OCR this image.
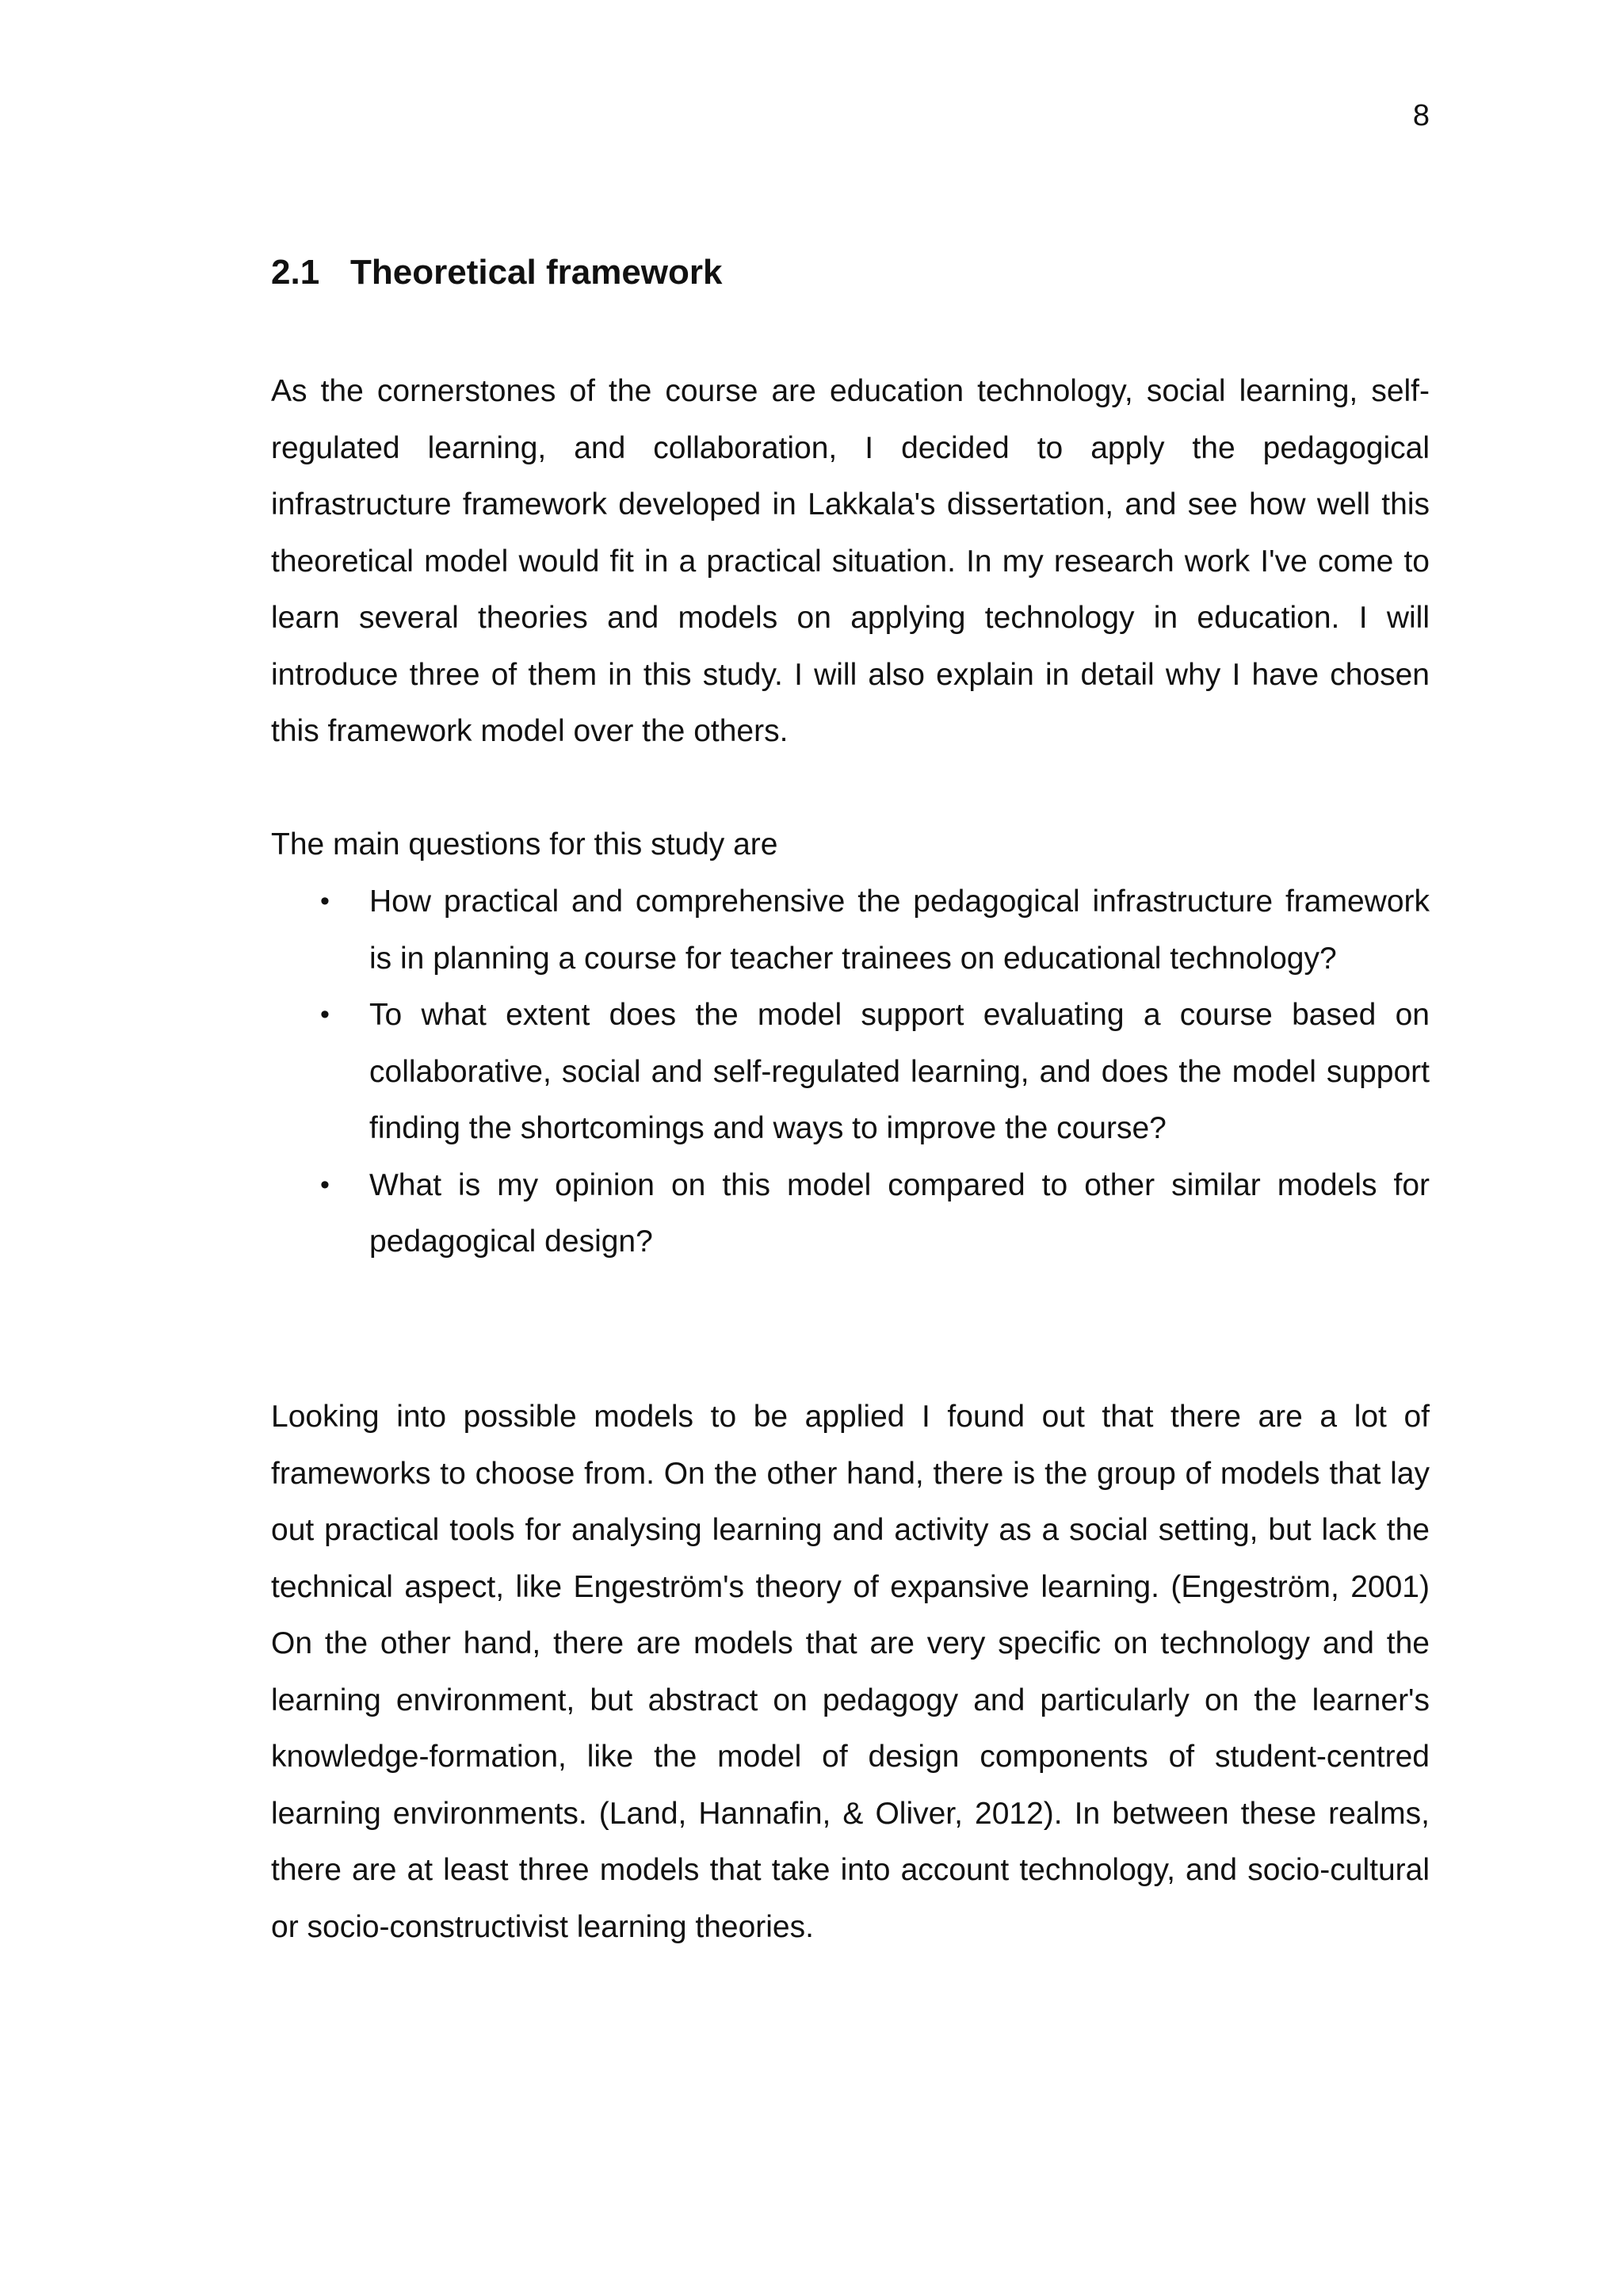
8
2.1 Theoretical framework

As the cornerstones of the course are education technology, social learning, self-regulated learning, and collaboration, I decided to apply the pedagogical infrastructure framework developed in Lakkala's dissertation, and see how well this theoretical model would fit in a practical situation. In my research work I've come to learn several theories and models on applying technology in education. I will introduce three of them in this study. I will also explain in detail why I have chosen this framework model over the others.

The main questions for this study are

• How practical and comprehensive the pedagogical infrastructure framework is in planning a course for teacher trainees on educational technology?
• To what extent does the model support evaluating a course based on collaborative, social and self-regulated learning, and does the model support finding the shortcomings and ways to improve the course?
• What is my opinion on this model compared to other similar models for pedagogical design?

Looking into possible models to be applied I found out that there are a lot of frameworks to choose from. On the other hand, there is the group of models that lay out practical tools for analysing learning and activity as a social setting, but lack the technical aspect, like Engeström's theory of expansive learning. (Engeström, 2001) On the other hand, there are models that are very specific on technology and the learning environment, but abstract on pedagogy and particularly on the learner's knowledge-formation, like the model of design components of student-centred learning environments. (Land, Hannafin, & Oliver, 2012). In between these realms, there are at least three models that take into account technology, and socio-cultural or socio-constructivist learning theories.
